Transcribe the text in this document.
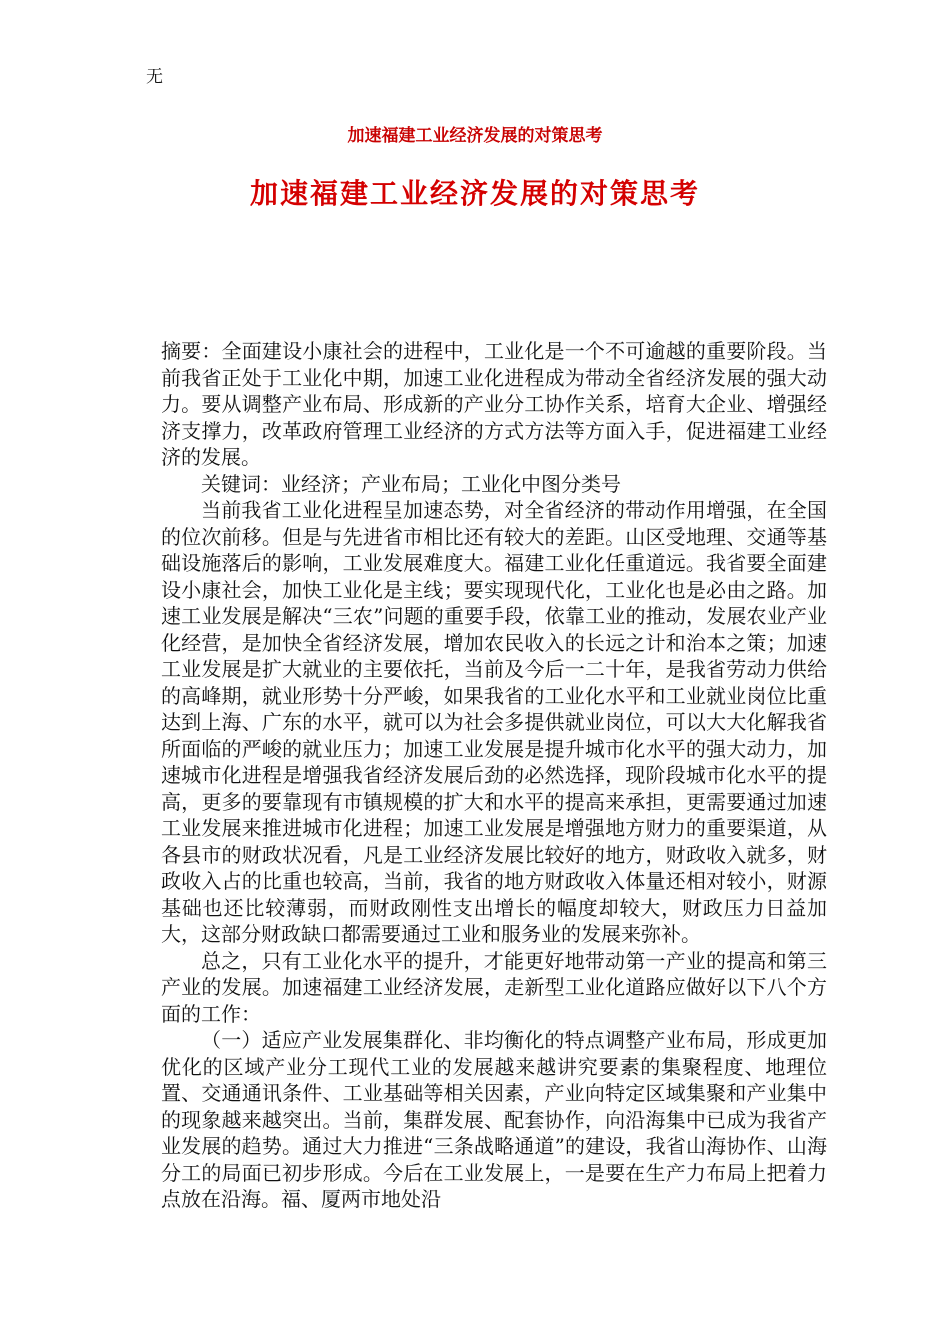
无
加速福建工业经济发展的对策思考
加速福建工业经济发展的对策思考

摘要：全面建设小康社会的进程中，工业化是一个不可逾越的重要阶段。当前我省正处于工业化中期，加速工业化进程成为带动全省经济发展的强大动力。要从调整产业布局、形成新的产业分工协作关系，培育大企业、增强经济支撑力，改革政府管理工业经济的方式方法等方面入手，促进福建工业经济的发展。

关键词：业经济；产业布局；工业化中图分类号

当前我省工业化进程呈加速态势，对全省经济的带动作用增强，在全国的位次前移。但是与先进省市相比还有较大的差距。山区受地理、交通等基础设施落后的影响，工业发展难度大。福建工业化任重道远。我省要全面建设小康社会，加快工业化是主线；要实现现代化，工业化也是必由之路。加速工业发展是解决“三农”问题的重要手段，依靠工业的推动，发展农业产业化经营，是加快全省经济发展，增加农民收入的长远之计和治本之策；加速工业发展是扩大就业的主要依托，当前及今后一二十年，是我省劳动力供给的高峰期，就业形势十分严峻，如果我省的工业化水平和工业就业岗位比重达到上海、广东的水平，就可以为社会多提供就业岗位，可以大大化解我省所面临的严峻的就业压力；加速工业发展是提升城市化水平的强大动力，加速城市化进程是增强我省经济发展后劲的必然选择，现阶段城市化水平的提高，更多的要靠现有市镇规模的扩大和水平的提高来承担，更需要通过加速工业发展来推进城市化进程；加速工业发展是增强地方财力的重要渠道，从各县市的财政状况看，凡是工业经济发展比较好的地方，财政收入就多，财政收入占的比重也较高，当前，我省的地方财政收入体量还相对较小，财源基础也还比较薄弱，而财政刚性支出增长的幅度却较大，财政压力日益加大，这部分财政缺口都需要通过工业和服务业的发展来弥补。

总之，只有工业化水平的提升，才能更好地带动第一产业的提高和第三产业的发展。加速福建工业经济发展，走新型工业化道路应做好以下八个方面的工作：

（一）适应产业发展集群化、非均衡化的特点调整产业布局，形成更加优化的区域产业分工现代工业的发展越来越讲究要素的集聚程度、地理位置、交通通讯条件、工业基础等相关因素，产业向特定区域集聚和产业集中的现象越来越突出。当前，集群发展、配套协作，向沿海集中已成为我省产业发展的趋势。通过大力推进“三条战略通道”的建设，我省山海协作、山海分工的局面已初步形成。今后在工业发展上，一是要在生产力布局上把着力点放在沿海。福、厦两市地处沿
